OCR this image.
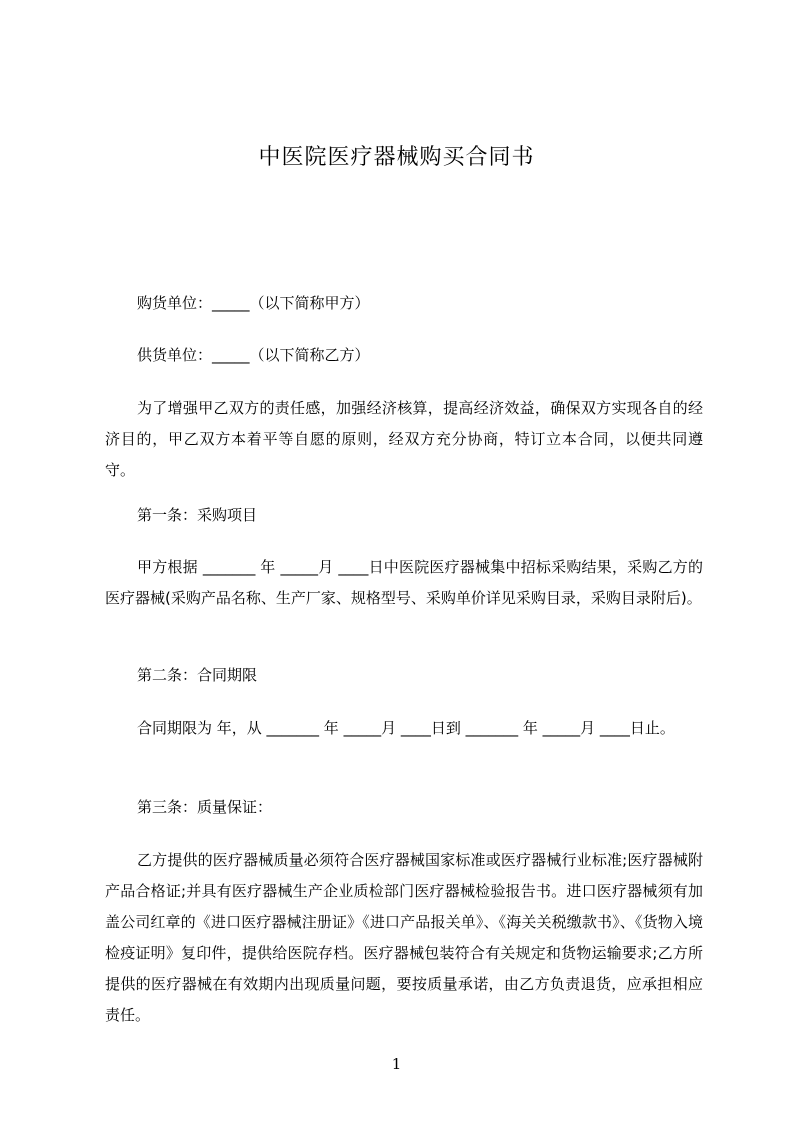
中医院医疗器械购买合同书
购货单位：_____（以下简称甲方）
供货单位：_____（以下简称乙方）
为了增强甲乙双方的责任感，加强经济核算，提高经济效益，确保双方实现各自的经济目的，甲乙双方本着平等自愿的原则，经双方充分协商，特订立本合同，以便共同遵守。
第一条：采购项目
甲方根据 _______ 年 _____月 ____日中医院医疗器械集中招标采购结果，采购乙方的医疗器械(采购产品名称、生产厂家、规格型号、采购单价详见采购目录，采购目录附后)。
第二条：合同期限
合同期限为 年，从 _______ 年 _____月 ____日到 _______ 年 _____月 ____日止。
第三条：质量保证：
乙方提供的医疗器械质量必须符合医疗器械国家标准或医疗器械行业标准;医疗器械附产品合格证;并具有医疗器械生产企业质检部门医疗器械检验报告书。进口医疗器械须有加盖公司红章的《进口医疗器械注册证》《进口产品报关单》、《海关关税缴款书》、《货物入境检疫证明》复印件，提供给医院存档。医疗器械包装符合有关规定和货物运输要求;乙方所提供的医疗器械在有效期内出现质量问题，要按质量承诺，由乙方负责退货，应承担相应责任。
1
